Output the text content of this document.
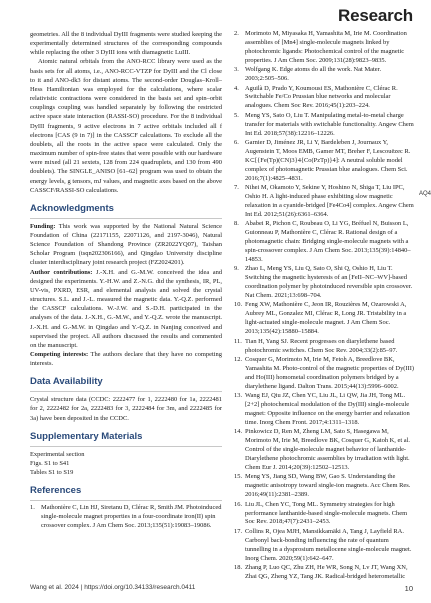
Research

geometries. All the 8 individual DyIII fragments were studied keeping the experimentally determined structures of the corresponding compounds while replacing the other 3 DyIII ions with diamagnetic LuIII.

Atomic natural orbitals from the ANO-RCC library were used as the basis sets for all atoms, i.e., ANO-RCC-VTZP for DyIII and the Cl close to it and ANO-dk3 for distant atoms. The second-order Douglas–Kroll–Hess Hamiltonian was employed for the calculations, where scalar relativistic contractions were considered in the basis set and spin–orbit couplings coupling was handled separately by following the restricted active space state interaction (RASSI-SO) procedure. For the 8 individual DyIII fragments, 9 active electrons in 7 active orbitals included all f electrons [CAS (9 in 7)] in the CASSCF calculations. To exclude all the doublets, all the roots in the active space were calculated. Only the maximum number of spin-free states that were possible with our hardware were mixed (all 21 sextets, 128 from 224 quadruplets, and 130 from 490 doublets). The SINGLE_ANISO [61–62] program was used to obtain the energy levels, g tensors, mJ values, and magnetic axes based on the above CASSCF/RASSI-SO calculations.

Acknowledgments

Funding: This work was supported by the National Natural Science Foundation of China (22171155, 22071126, and 2197-3046), Natural Science Foundation of Shandong Province (ZR2022YQ07), Taishan Scholar Program (tsqn202306166), and Qingdao University discipline cluster interdisciplinary joint research project (FZ2024201).

Author contributions: J.-X.H. and G.-M.W. conceived the idea and designed the experiments. Y.-H.W. and Z.-N.G. did the synthesis, IR, PL, UV-vis, PXRD, ESR, and elemental analysis and solved the crystal structures. S.L. and J.-L. measured the magnetic data. Y.-Q.Z. performed the CASSCF calculations. W.-J.W. and S.-D.H. participated in the analyses of the data. J.-X.H., G.-M.W., and Y.-Q.Z. wrote the manuscript. J.-X.H. and G.-M.W. in Qingdao and Y.-Q.Z. in Nanjing conceived and supervised the project. All authors discussed the results and commented on the manuscript.

Competing interests: The authors declare that they have no competing interests.

Data Availability

Crystal structure data (CCDC: 2222477 for 1, 2222480 for 1a, 2222481 for 2, 2222482 for 2a, 2222483 for 3, 2222484 for 3m, and 2222485 for 3a) have been deposited in the CCDC.

Supplementary Materials

Experimental section

Figs. S1 to S41

Tables S1 to S19

References
1. Mathonière C, Lin HJ, Siretanu D, Clérac R, Smith JM. Photoinduced single-molecule magnet properties in a four-coordinate iron(II) spin crossover complex. J Am Chem Soc. 2013;135(51):19083–19086.
2. Morimoto M, Miyasaka H, Yamashita M, Irie M. Coordination assemblies of [Mn4] single-molecule magnets linked by photochromic ligands: Photochemical control of the magnetic properties. J Am Chem Soc. 2009;131(28):9823–9835.
3. Wolfgang K. Edge atoms do all the work. Nat Mater. 2003;2:505–506.
4. Aguilà D, Prado Y, Koumousi ES, Mathonière C, Clérac R. Switchable Fe/Co Prussian blue networks and molecular analogues. Chem Soc Rev. 2016;45(1):203–224.
5. Meng YS, Sato O, Liu T. Manipulating metal-to-metal charge transfer for materials with switchable functionality. Angew Chem Int Ed. 2018;57(38):12216–12226.
6. Garnier D, Jiménez JR, Li Y, Bardeleben J, Journaux Y, Augenstein T, Moos EMB, Gamer MT, Breher F, Lescouëzec R. K⊂[{Fe(Tp)(CN)3}4{Co(PzTp)}4]: A neutral soluble model complex of photomagnetic Prussian blue analogues. Chem Sci. 2016;7(1):4825–4831.
7. Nihei M, Okamoto Y, Sekine Y, Hoshino N, Shiga T, Liu IPC, Oshio H. A light-induced phase exhibiting slow magnetic relaxation in a cyanide-bridged [Fe4Co4] complex. Angew Chem Int Ed. 2012;51(26):6361–6364.
8. Ababei R, Pichon C, Roubeau O, Li YG, Bréfuel N, Buisson L, Guionneau P, Mathonière C, Clérac R. Rational design of a photomagnetic chain: Bridging single-molecule magnets with a spin-crossover complex. J Am Chem Soc. 2013;135(39):14840–14853.
9. Zhao L, Meng YS, Liu Q, Sato O, Shi Q, Oshio H, Liu T. Switching the magnetic hysteresis of an [FeII–NC–WV]-based coordination polymer by photoinduced reversible spin crossover. Nat Chem. 2021;13:698–704.
10. Feng XW, Mathonière C, Jeon IR, Rouzières M, Ozarowski A, Aubrey ML, Gonzalez MI, Clérac R, Long JR. Tristability in a light-actuated single-molecule magnet. J Am Chem Soc. 2013;135(42):15880–15884.
11. Tian H, Yang SJ. Recent progresses on diarylethene based photochromic switches. Chem Soc Rev. 2004;33(2):85–97.
12. Cosquer G, Morimoto M, Irie M, Fetoh A, Breedlove BK, Yamashita M. Photo-control of the magnetic properties of Dy(III) and Ho(III) homometal coordination polymers bridged by a diarylethene ligand. Dalton Trans. 2015;44(13):5996–6002.
13. Wang EJ, Qiu JZ, Chen YC, Liu JL, Li QW, Jia JH, Tong ML. [2+2] photochemical modulation of the Dy(III) single-molecule magnet: Opposite influence on the energy barrier and relaxation time. Inorg Chem Front. 2017;4:1311–1318.
14. Pinkowicz D, Ren M, Zheng LM, Sato S, Hasegawa M, Morimoto M, Irie M, Breedlove BK, Cosquer G, Katoh K, et al. Control of the single-molecule magnet behavior of lanthanide-Diarylethene photochromic assemblies by irradiation with light. Chem Eur J. 2014;20(39):12502–12513.
15. Meng YS, Jiang SD, Wang BW, Gao S. Understanding the magnetic anisotropy toward single-ion magnets. Acc Chem Res. 2016;49(11):2381–2389.
16. Liu JL, Chen YC, Tong ML. Symmetry strategies for high performance lanthanide-based single-molecule magnets. Chem Soc Rev. 2018;47(7):2431–2453.
17. Collins R, Ojea MJH, Mansikkamäki A, Tang J, Layfield RA. Carbonyl back-bonding influencing the rate of quantum tunnelling in a dysprosium metallocene single-molecule magnet. Inorg Chem. 2020;59(1):642–647.
18. Zhang P, Luo QC, Zhu ZH, He WR, Song N, Lv JT, Wang XN, Zhai QG, Zheng YZ, Tang JK. Radical-bridged heterometallic
AQ4
Wang et al. 2024 | https://doi.org/10.34133/research.0411	10
